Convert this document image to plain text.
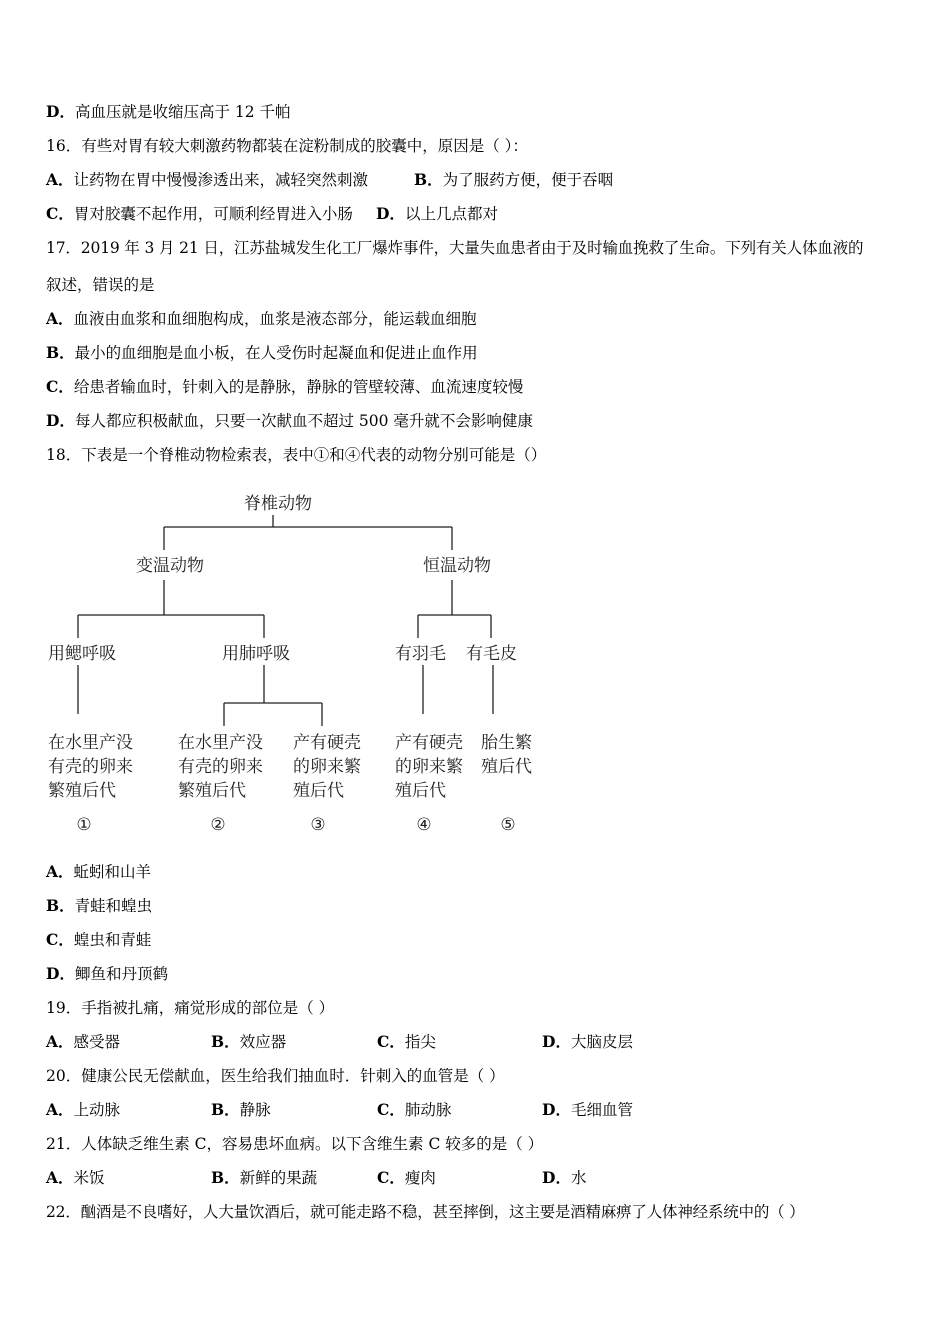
D．高血压就是收缩压高于 12 千帕
16．有些对胃有较大刺激药物都装在淀粉制成的胶囊中，原因是（ ）：
A．让药物在胃中慢慢渗透出来，减轻突然刺激	B．为了服药方便，便于吞咽
C．胃对胶囊不起作用，可顺利经胃进入小肠 D．以上几点都对
17．2019 年 3 月 21 日，江苏盐城发生化工厂爆炸事件，大量失血患者由于及时输血挽救了生命。下列有关人体血液的
叙述，错误的是
A．血液由血浆和血细胞构成，血浆是液态部分，能运载血细胞
B．最小的血细胞是血小板，在人受伤时起凝血和促进止血作用
C．给患者输血时，针刺入的是静脉，静脉的管壁较薄、血流速度较慢
D．每人都应积极献血，只要一次献血不超过 500 毫升就不会影响健康
18．下表是一个脊椎动物检索表，表中①和④代表的动物分别可能是（）
脊椎动物
变温动物	恒温动物
用鳃呼吸	用肺呼吸	有羽毛 有毛皮
在水里产没 有壳的卵来 繁殖后代
在水里产没 有壳的卵来 繁殖后代
产有硬壳 的卵来繁 殖后代
产有硬壳 的卵来繁 殖后代
胎生繁 殖后代
①	②	③	④	⑤
A．蚯蚓和山羊
B．青蛙和蝗虫
C．蝗虫和青蛙
D．鲫鱼和丹顶鹤
19．手指被扎痛，痛觉形成的部位是（ ）
A．感受器	B．效应器	C．指尖	D．大脑皮层
20．健康公民无偿献血，医生给我们抽血时．针刺入的血管是（ ）
A．上动脉	B．静脉	C．肺动脉	D．毛细血管
21．人体缺乏维生素 C，容易患坏血病。以下含维生素 C 较多的是（ ）
A．米饭	B．新鲜的果蔬	C．瘦肉	D．水
22．酗酒是不良嗜好，人大量饮酒后，就可能走路不稳，甚至摔倒，这主要是酒精麻痹了人体神经系统中的（ ）
